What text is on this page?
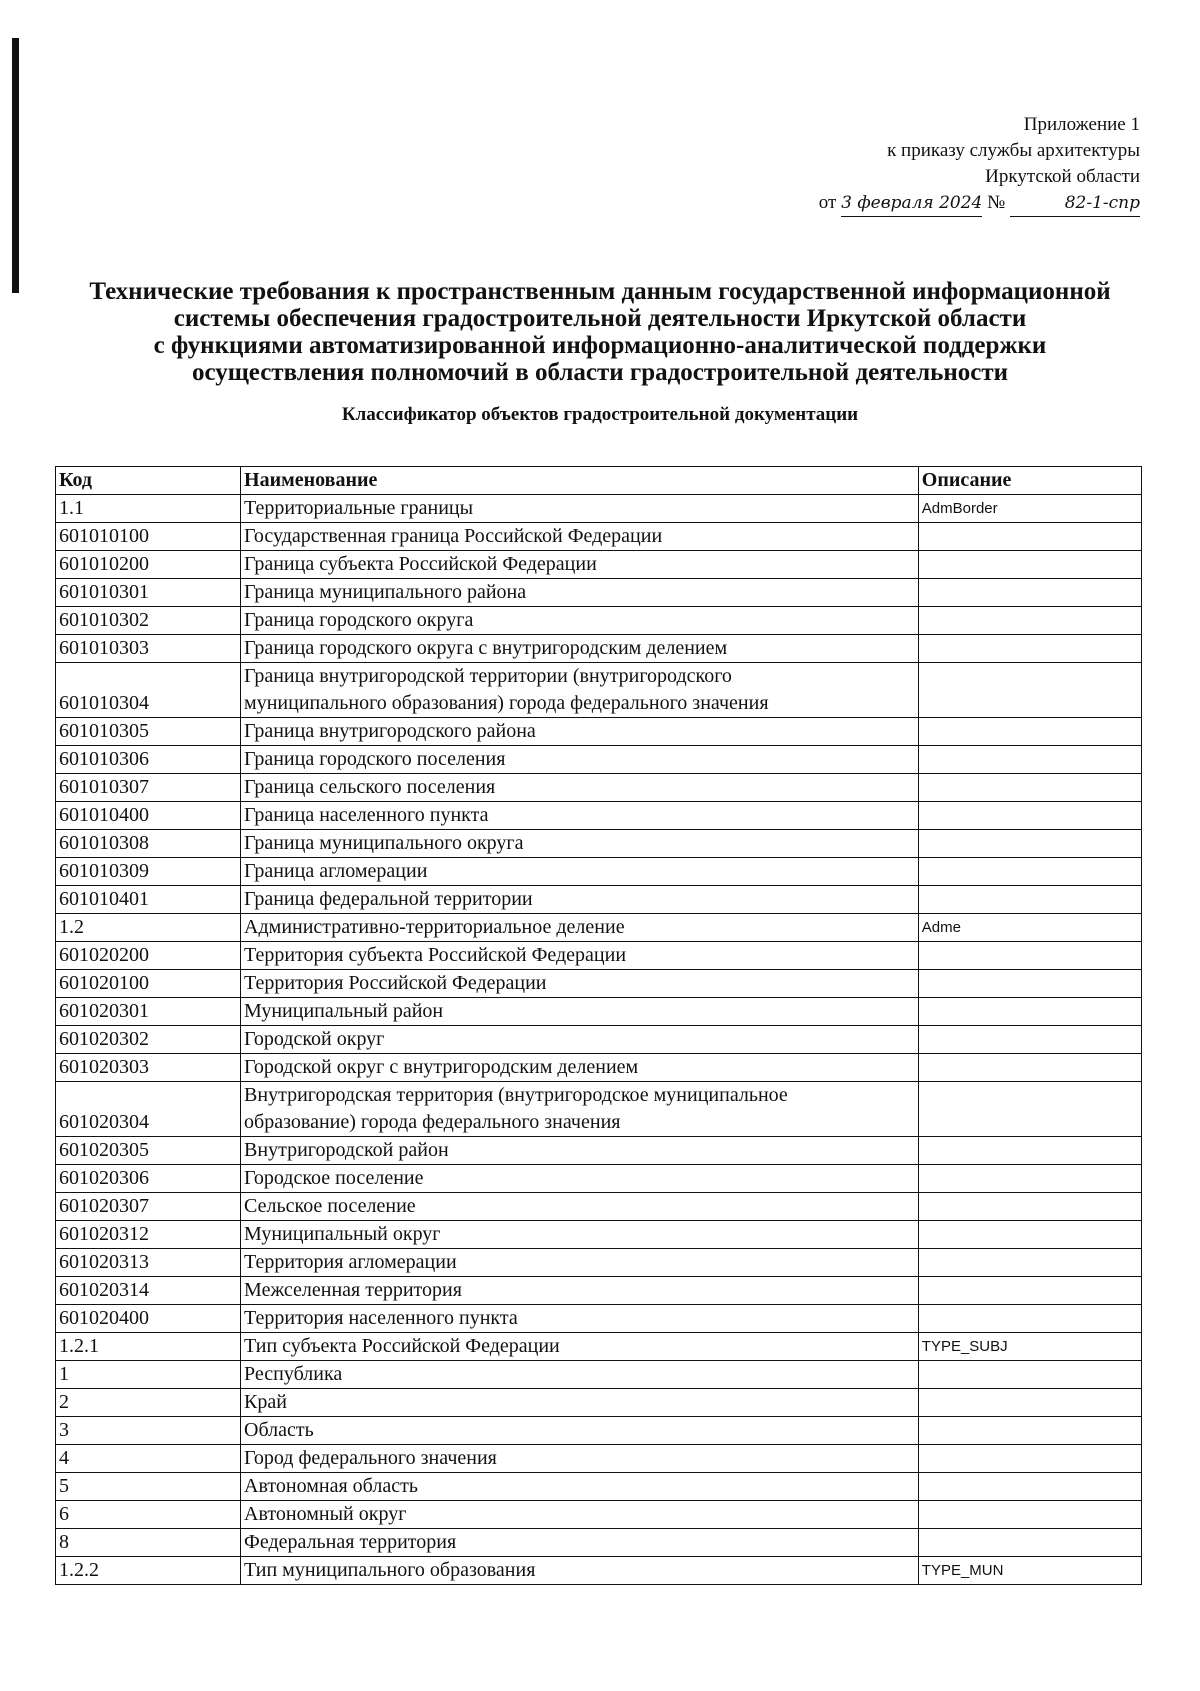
Приложение 1
к приказу службы архитектуры
Иркутской области
от 3 февраля 2024 №	82-1-спр
Технические требования к пространственным данным государственной информационной
системы обеспечения градостроительной деятельности Иркутской области
с функциями автоматизированной информационно-аналитической поддержки
осуществления полномочий в области градостроительной деятельности
Классификатор объектов градостроительной документации
Код	Наименование	Описание
1.1	Территориальные границы	AdmBorder
601010100	Государственная граница Российской Федерации	
601010200	Граница субъекта Российской Федерации	
601010301	Граница муниципального района	
601010302	Граница городского округа	
601010303	Граница городского округа с внутригородским делением	
601010304	Граница внутригородской территории (внутригородского
муниципального образования) города федерального значения	

601010305	Граница внутригородского района	
601010306	Граница городского поселения	
601010307	Граница сельского поселения	
601010400	Граница населенного пункта	
601010308	Граница муниципального округа	
601010309	Граница агломерации	
601010401	Граница федеральной территории	
1.2	Административно-территориальное деление	Adme
601020200	Территория субъекта Российской Федерации	
601020100	Территория Российской Федерации	
601020301	Муниципальный район	
601020302	Городской округ	
601020303	Городской округ с внутригородским делением	
601020304	Внутригородская территория (внутригородское муниципальное
образование) города федерального значения	

601020305	Внутригородской район	
601020306	Городское поселение	
601020307	Сельское поселение	
601020312	Муниципальный округ	
601020313	Территория агломерации	
601020314	Межселенная территория	
601020400	Территория населенного пункта	
1.2.1	Тип субъекта Российской Федерации	TYPE_SUBJ
1	Республика	
2	Край	
3	Область	
4	Город федерального значения	
5	Автономная область	
6	Автономный округ	
8	Федеральная территория	
1.2.2	Тип муниципального образования	TYPE_MUN
